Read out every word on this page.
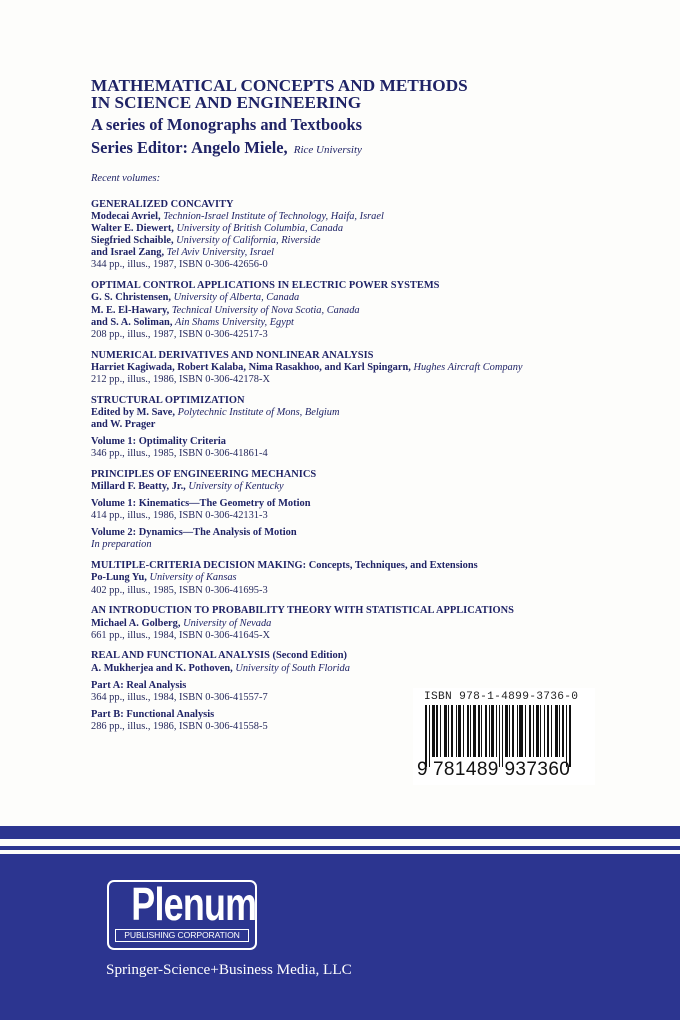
MATHEMATICAL CONCEPTS AND METHODS
IN SCIENCE AND ENGINEERING
A series of Monographs and Textbooks
Series Editor: Angelo Miele, Rice University
Recent volumes:
GENERALIZED CONCAVITY
Modecai Avriel, Technion-Israel Institute of Technology, Haifa, Israel
Walter E. Diewert, University of British Columbia, Canada
Siegfried Schaible, University of California, Riverside
and Israel Zang, Tel Aviv University, Israel
344 pp., illus., 1987, ISBN 0-306-42656-0
OPTIMAL CONTROL APPLICATIONS IN ELECTRIC POWER SYSTEMS
G. S. Christensen, University of Alberta, Canada
M. E. El-Hawary, Technical University of Nova Scotia, Canada
and S. A. Soliman, Ain Shams University, Egypt
208 pp., illus., 1987, ISBN 0-306-42517-3
NUMERICAL DERIVATIVES AND NONLINEAR ANALYSIS
Harriet Kagiwada, Robert Kalaba, Nima Rasakhoo, and Karl Spingarn, Hughes Aircraft Company
212 pp., illus., 1986, ISBN 0-306-42178-X
STRUCTURAL OPTIMIZATION
Edited by M. Save, Polytechnic Institute of Mons, Belgium
and W. Prager
Volume 1: Optimality Criteria
346 pp., illus., 1985, ISBN 0-306-41861-4
PRINCIPLES OF ENGINEERING MECHANICS
Millard F. Beatty, Jr., University of Kentucky
Volume 1: Kinematics—The Geometry of Motion
414 pp., illus., 1986, ISBN 0-306-42131-3
Volume 2: Dynamics—The Analysis of Motion
In preparation
MULTIPLE-CRITERIA DECISION MAKING: Concepts, Techniques, and Extensions
Po-Lung Yu, University of Kansas
402 pp., illus., 1985, ISBN 0-306-41695-3
AN INTRODUCTION TO PROBABILITY THEORY WITH STATISTICAL APPLICATIONS
Michael A. Golberg, University of Nevada
661 pp., illus., 1984, ISBN 0-306-41645-X
REAL AND FUNCTIONAL ANALYSIS (Second Edition)
A. Mukherjea and K. Pothoven, University of South Florida
Part A: Real Analysis
364 pp., illus., 1984, ISBN 0-306-41557-7
Part B: Functional Analysis
286 pp., illus., 1986, ISBN 0-306-41558-5
ISBN 978-1-4899-3736-0
9 781489 937360
Plenum
PUBLISHING CORPORATION
Springer-Science+Business Media, LLC
